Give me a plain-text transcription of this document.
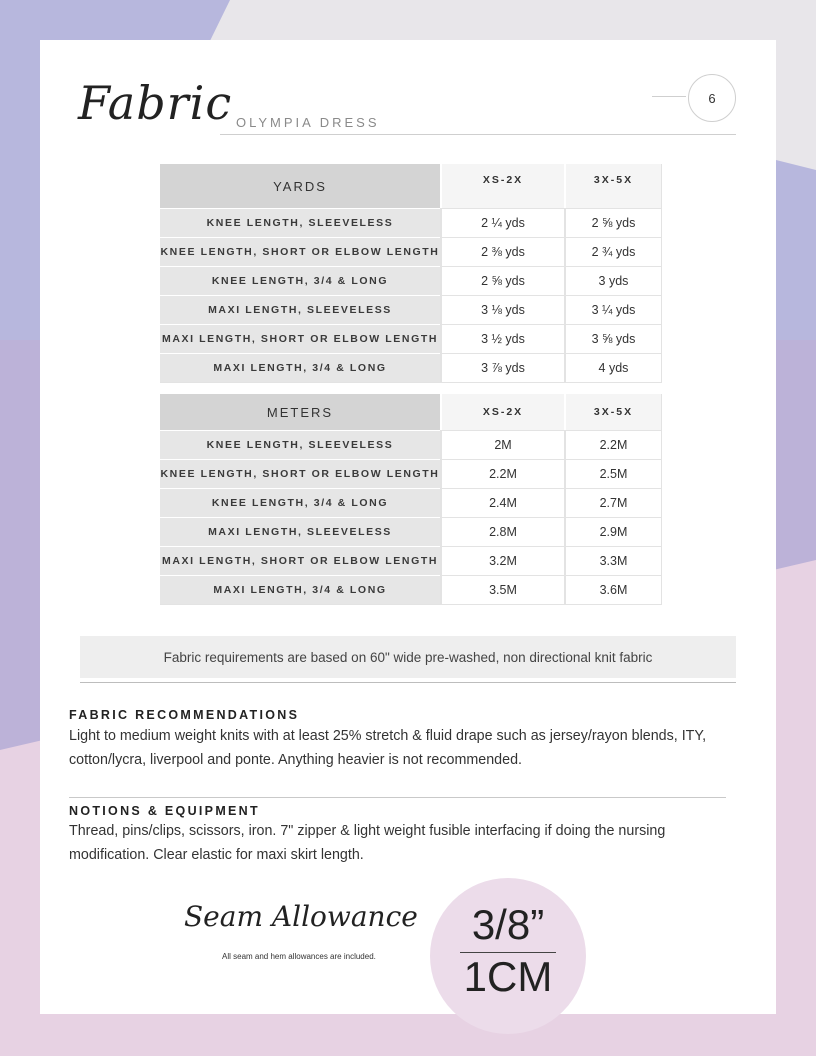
Fabric OLYMPIA DRESS
6
YARDS	XS-2X	3X-5X
KNEE LENGTH, SLEEVELESS	2 ¼ yds	2 ⅝ yds
KNEE LENGTH, SHORT OR ELBOW LENGTH	2 ⅜ yds	2 ¾ yds
KNEE LENGTH, 3/4 & LONG	2 ⅝ yds	3 yds
MAXI LENGTH, SLEEVELESS	3 ⅛ yds	3 ¼ yds
MAXI LENGTH, SHORT OR ELBOW LENGTH	3 ½ yds	3 ⅝ yds
MAXI LENGTH, 3/4 & LONG	3 ⅞ yds	4 yds
METERS	XS-2X	3X-5X
KNEE LENGTH, SLEEVELESS	2M	2.2M
KNEE LENGTH, SHORT OR ELBOW LENGTH	2.2M	2.5M
KNEE LENGTH, 3/4 & LONG	2.4M	2.7M
MAXI LENGTH, SLEEVELESS	2.8M	2.9M
MAXI LENGTH, SHORT OR ELBOW LENGTH	3.2M	3.3M
MAXI LENGTH, 3/4 & LONG	3.5M	3.6M
Fabric requirements are based on 60" wide pre-washed, non directional knit fabric
FABRIC RECOMMENDATIONS
Light to medium weight knits with at least 25% stretch & fluid drape such as jersey/rayon blends, ITY, cotton/lycra, liverpool and ponte. Anything heavier is not recommended.
NOTIONS & EQUIPMENT
Thread, pins/clips, scissors, iron. 7" zipper & light weight fusible interfacing if doing the nursing modification. Clear elastic for maxi skirt length.
Seam Allowance
All seam and hem allowances are included.
3/8”
1CM
